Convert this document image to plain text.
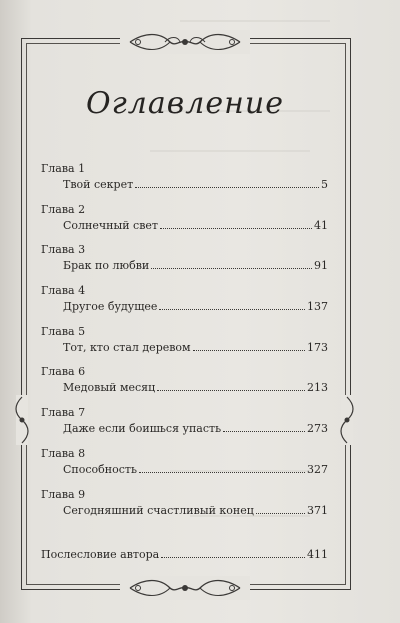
Оглавление
Глава 1
Твой секрет	5
Глава 2
Солнечный свет	41
Глава 3
Брак по любви	91
Глава 4
Другое будущее	137
Глава 5
Тот, кто стал деревом	173
Глава 6
Медовый месяц	213
Глава 7
Даже если боишься упасть	273
Глава 8
Способность	327
Глава 9
Сегодняшний счастливый конец	371
Послесловие автора	411
